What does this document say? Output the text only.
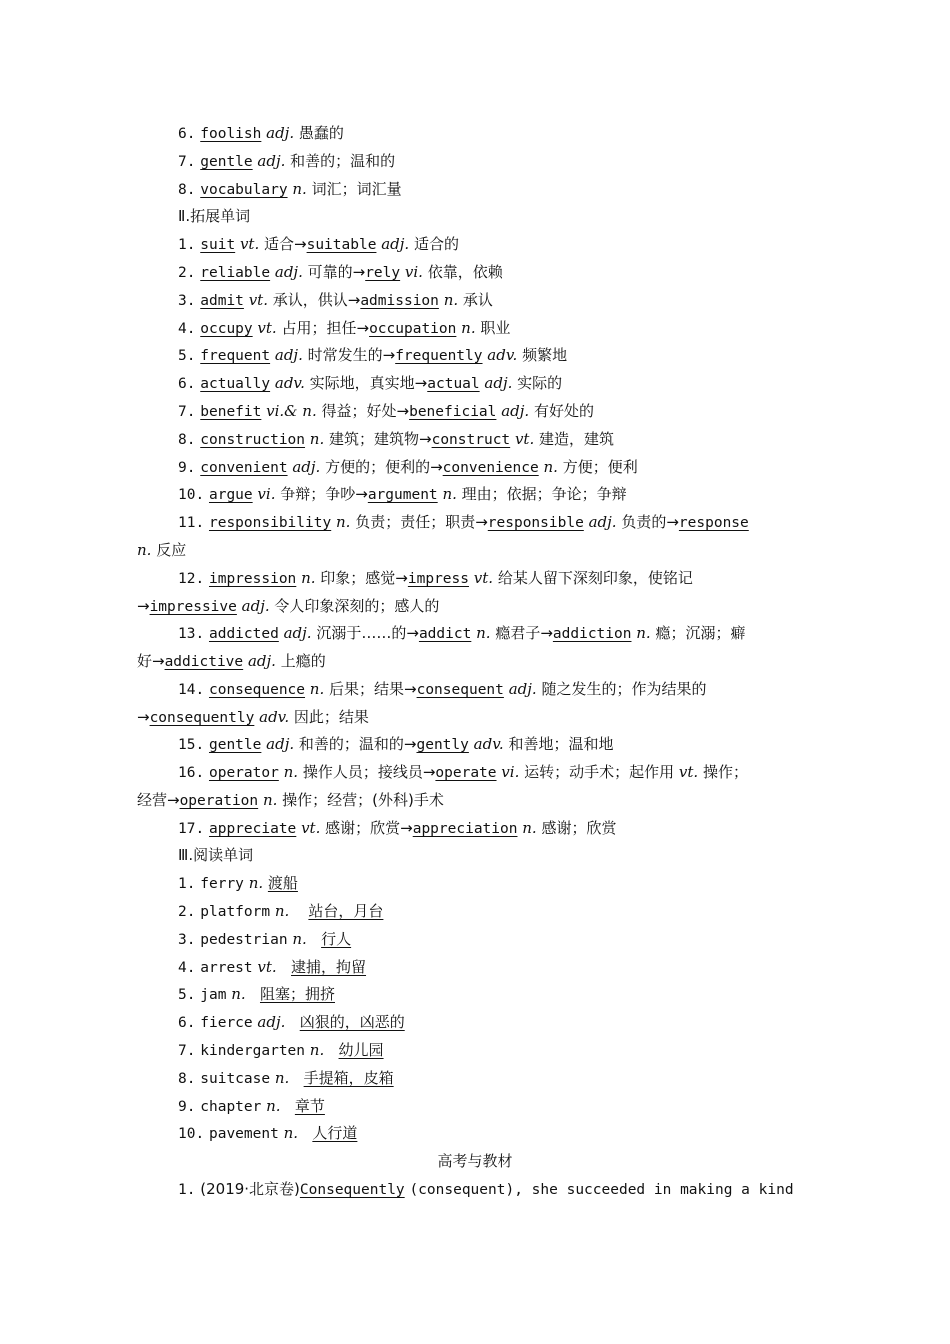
6. foolish adj. 愚蠢的
7. gentle adj. 和善的；温和的
8. vocabulary n. 词汇；词汇量
Ⅱ.拓展单词
1. suit vt. 适合→suitable adj. 适合的
2. reliable adj. 可靠的→rely vi. 依靠，依赖
3. admit vt. 承认，供认→admission n. 承认
4. occupy vt. 占用；担任→occupation n. 职业
5. frequent adj. 时常发生的→frequently adv. 频繁地
6. actually adv. 实际地，真实地→actual adj. 实际的
7. benefit vi.& n. 得益；好处→beneficial adj. 有好处的
8. construction n. 建筑；建筑物→construct vt. 建造，建筑
9. convenient adj. 方便的；便利的→convenience n. 方便；便利
10. argue vi. 争辩；争吵→argument n. 理由；依据；争论；争辩
11. responsibility n. 负责；责任；职责→responsible adj. 负责的→response
n. 反应
12. impression n. 印象；感觉→impress vt. 给某人留下深刻印象，使铭记
→impressive adj. 令人印象深刻的；感人的
13. addicted adj. 沉溺于……的→addict n. 瘾君子→addiction n. 瘾；沉溺；癖
好→addictive adj. 上瘾的
14. consequence n. 后果；结果→consequent adj. 随之发生的；作为结果的
→consequently adv. 因此；结果
15. gentle adj. 和善的；温和的→gently adv. 和善地；温和地
16. operator n. 操作人员；接线员→operate vi. 运转；动手术；起作用 vt. 操作；
经营→operation n. 操作；经营；(外科)手术
17. appreciate vt. 感谢；欣赏→appreciation n. 感谢；欣赏
Ⅲ.阅读单词
1. ferry n. 渡船
2. platform n. 站台，月台
3. pedestrian n. 行人
4. arrest vt. 逮捕，拘留
5. jam n. 阻塞；拥挤
6. fierce adj. 凶狠的，凶恶的
7. kindergarten n. 幼儿园
8. suitcase n. 手提箱，皮箱
9. chapter n. 章节
10. pavement n. 人行道
高考与教材
1. (2019·北京卷)Consequently (consequent), she succeeded in making a kind
